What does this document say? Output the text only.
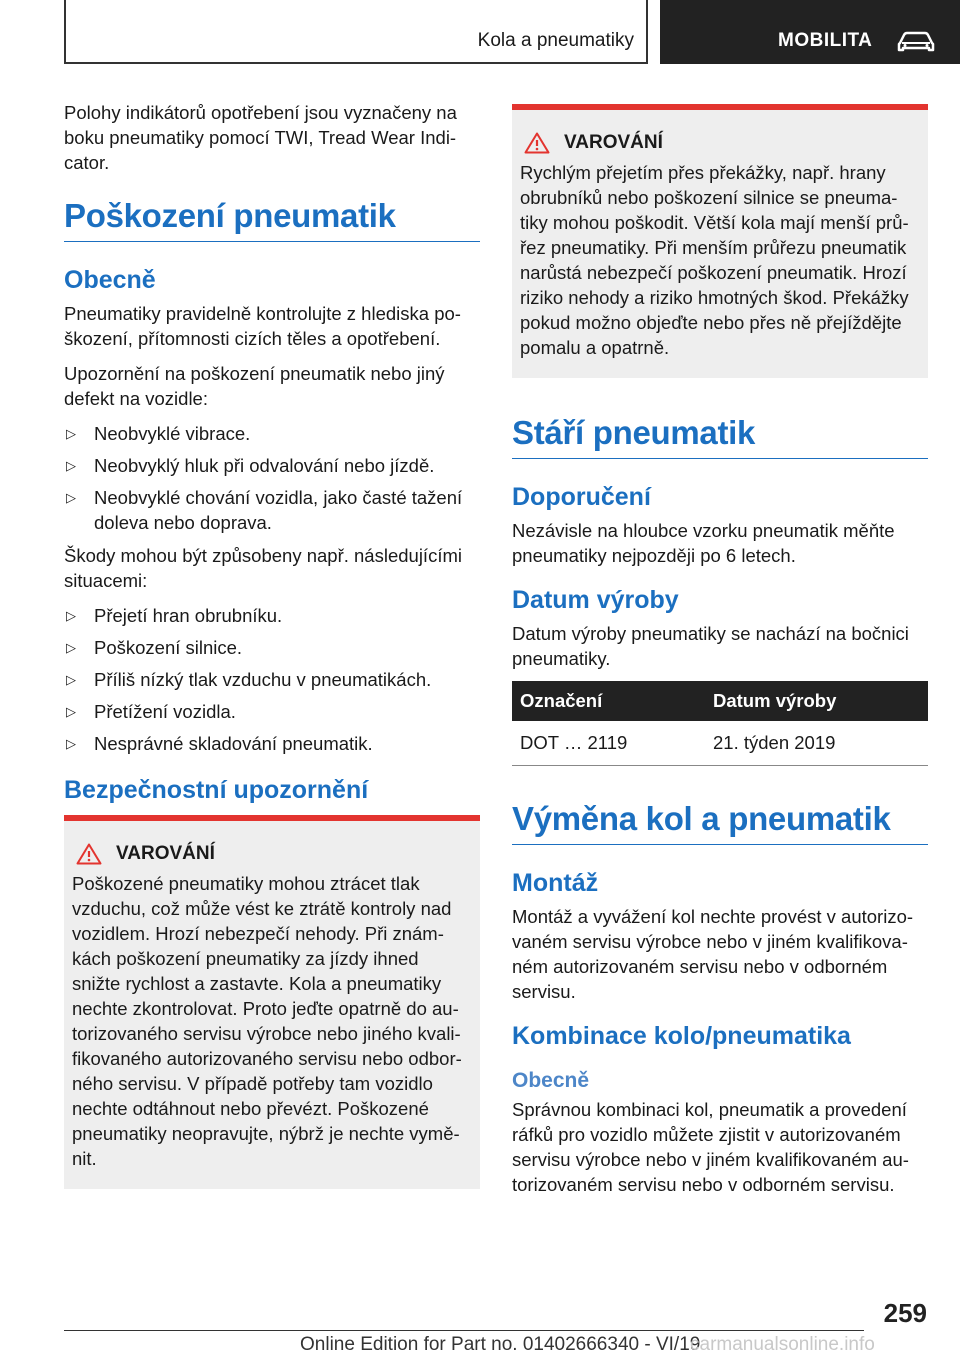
Kola a pneumatiky	MOBILITA

Polohy indikátorů opotřebení jsou vyznačeny na boku pneumatiky pomocí TWI, Tread Wear Indi-cator.

Poškození pneumatik
Obecně

Pneumatiky pravidelně kontrolujte z hlediska po-škození, přítomnosti cizích těles a opotřebení.

Upozornění na poškození pneumatik nebo jiný defekt na vozidle:

▷ Neobvyklé vibrace.
▷ Neobvyklý hluk při odvalování nebo jízdě.
▷ Neobvyklé chování vozidla, jako časté tažení doleva nebo doprava.

Škody mohou být způsobeny např. následujícími situacemi:

▷ Přejetí hran obrubníku.
▷ Poškození silnice.
▷ Příliš nízký tlak vzduchu v pneumatikách.
▷ Přetížení vozidla.
▷ Nesprávné skladování pneumatik.
Bezpečnostní upozornění
VAROVÁNÍ

Poškozené pneumatiky mohou ztrácet tlak vzduchu, což může vést ke ztrátě kontroly nad vozidlem. Hrozí nebezpečí nehody. Při znám-kách poškození pneumatiky za jízdy ihned snižte rychlost a zastavte. Kola a pneumatiky nechte zkontrolovat. Proto jeďte opatrně do au-torizovaného servisu výrobce nebo jiného kvali-fikovaného autorizovaného servisu nebo odbor-ného servisu. V případě potřeby tam vozidlo nechte odtáhnout nebo převézt. Poškozené pneumatiky neopravujte, nýbrž je nechte vymě-nit.

VAROVÁNÍ

Rychlým přejetím přes překážky, např. hrany obrubníků nebo poškození silnice se pneuma-tiky mohou poškodit. Větší kola mají menší prů-řez pneumatiky. Při menším průřezu pneumatik narůstá nebezpečí poškození pneumatik. Hrozí riziko nehody a riziko hmotných škod. Překážky pokud možno objeďte nebo přes ně přejíždějte pomalu a opatrně.

Stáří pneumatik
Doporučení

Nezávisle na hloubce vzorku pneumatik měňte pneumatiky nejpozději po 6 letech.

Datum výroby

Datum výroby pneumatiky se nachází na bočnici pneumatiky.

Označení	Datum výroby
DOT … 2119	21. týden 2019
Výměna kol a pneumatik
Montáž

Montáž a vyvážení kol nechte provést v autorizo-vaném servisu výrobce nebo v jiném kvalifikova-ném autorizovaném servisu nebo v odborném servisu.

Kombinace kolo/pneumatika
Obecně

Správnou kombinaci kol, pneumatik a provedení ráfků pro vozidlo můžete zjistit v autorizovaném servisu výrobce nebo v jiném kvalifikovaném au-torizovaném servisu nebo v odborném servisu.

259
Online Edition for Part no. 01402666340 - VI/19
carmanualsonline.info
